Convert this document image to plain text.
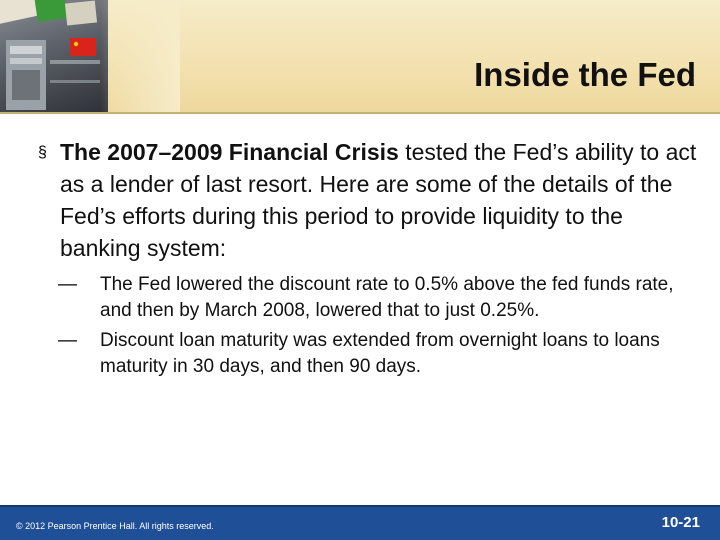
Inside the Fed
§ The 2007–2009 Financial Crisis tested the Fed’s ability to act as a lender of last resort. Here are some of the details of the Fed’s efforts during this period to provide liquidity to the banking system:

— The Fed lowered the discount rate to 0.5% above the fed funds rate, and then by March 2008, lowered that to just 0.25%.

— Discount loan maturity was extended from overnight loans to loans maturity in 30 days, and then 90 days.

© 2012 Pearson Prentice Hall. All rights reserved.	10-21
